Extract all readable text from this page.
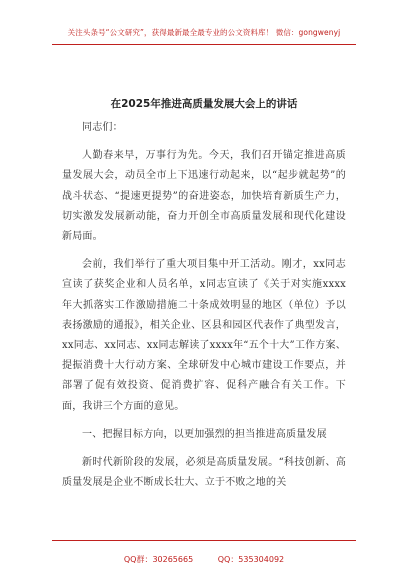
关注头条号“公文研究”，获得最新最全最专业的公文资料库！ 微信：gongwenyj
在2025年推进高质量发展大会上的讲话

同志们：

人勤春来早，万事行为先。今天，我们召开锚定推进高质量发展大会，动员全市上下迅速行动起来，以“起步就起势”的战斗状态、“提速更提势”的奋进姿态，加快培育新质生产力，切实激发发展新动能，奋力开创全市高质量发展和现代化建设新局面。

会前，我们举行了重大项目集中开工活动。刚才，xx同志宣读了获奖企业和人员名单，x同志宣读了《关于对实施xxxx年大抓落实工作激励措施二十条成效明显的地区（单位）予以表扬激励的通报》，相关企业、区县和园区代表作了典型发言，xx同志、xx同志、xx同志解读了xxxx年“五个十大”工作方案、提振消费十大行动方案、全球研发中心城市建设工作要点，并部署了促有效投资、促消费扩容、促科产融合有关工作。下面，我讲三个方面的意见。

一、把握目标方向，以更加强烈的担当推进高质量发展

新时代新阶段的发展，必须是高质量发展。“科技创新、高质量发展是企业不断成长壮大、立于不败之地的关

QQ群：30265665	QQ：535304092
